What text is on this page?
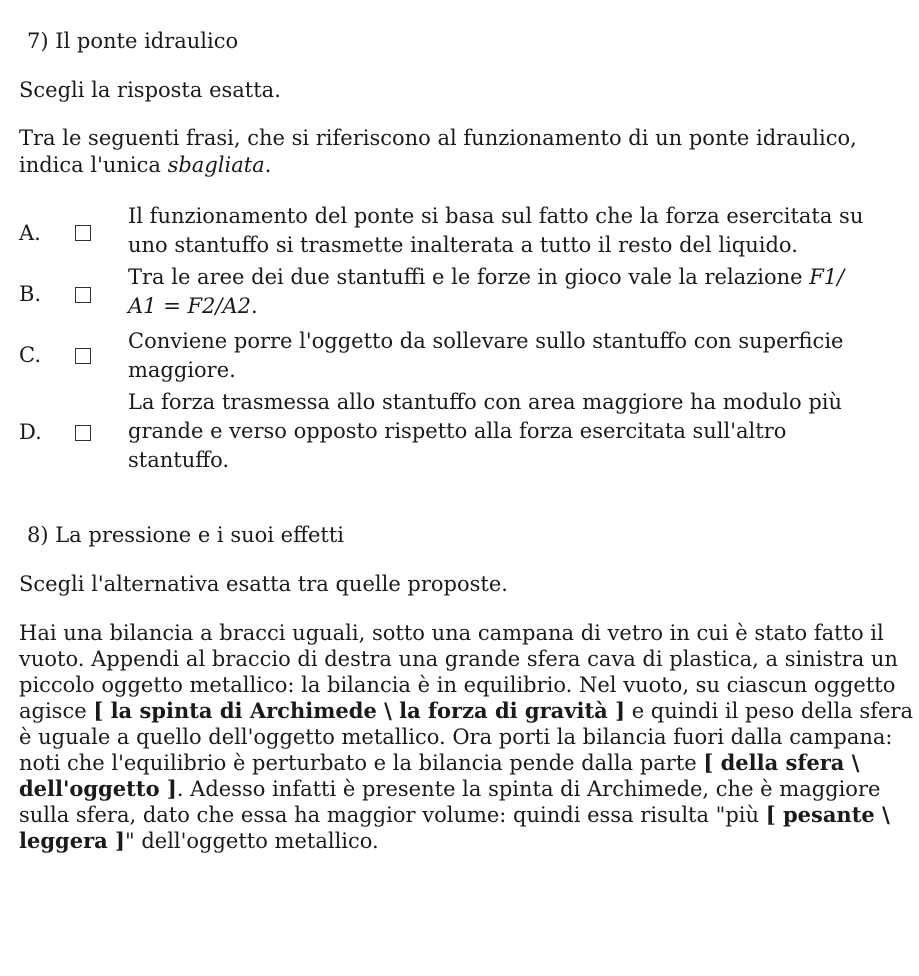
7) Il ponte idraulico

Scegli la risposta esatta.

Tra le seguenti frasi, che si riferiscono al funzionamento di un ponte idraulico,

indica l'unica sbagliata.

A.
Il funzionamento del ponte si basa sul fatto che la forza esercitata su
uno stantuffo si trasmette inalterata a tutto il resto del liquido.
B.
Tra le aree dei due stantuffi e le forze in gioco vale la relazione F1/
A1 = F2/A2.
C.
Conviene porre l'oggetto da sollevare sullo stantuffo con superficie
maggiore.
D.
La forza trasmessa allo stantuffo con area maggiore ha modulo più
grande e verso opposto rispetto alla forza esercitata sull'altro
stantuffo.

8) La pressione e i suoi effetti

Scegli l'alternativa esatta tra quelle proposte.

Hai una bilancia a bracci uguali, sotto una campana di vetro in cui è stato fatto il vuoto. Appendi al braccio di destra una grande sfera cava di plastica, a sinistra un piccolo oggetto metallico: la bilancia è in equilibrio. Nel vuoto, su ciascun oggetto agisce [ la spinta di Archimede \ la forza di gravità ] e quindi il peso della sfera è uguale a quello dell'oggetto metallico. Ora porti la bilancia fuori dalla campana: noti che l'equilibrio è perturbato e la bilancia pende dalla parte [ della sfera \ dell'oggetto ]. Adesso infatti è presente la spinta di Archimede, che è maggiore sulla sfera, dato che essa ha maggior volume: quindi essa risulta "più [ pesante \ leggera ]" dell'oggetto metallico.
